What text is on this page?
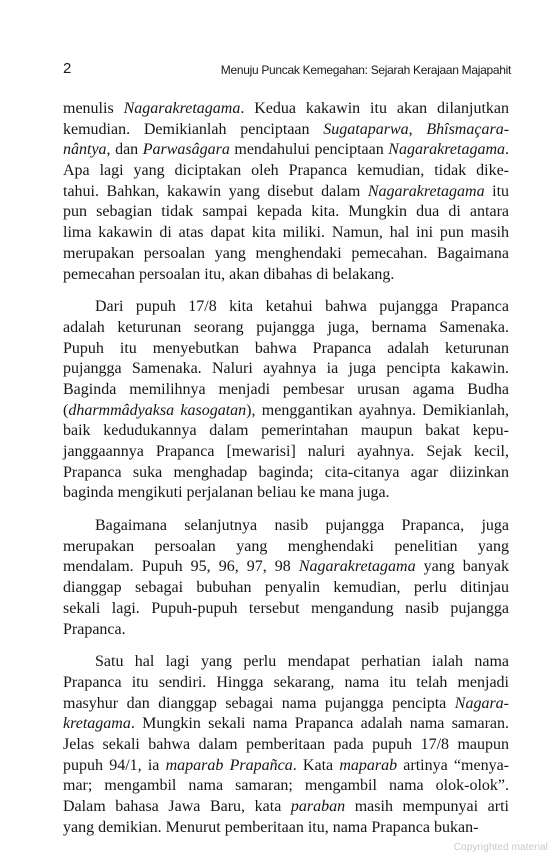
2	Menuju Puncak Kemegahan: Sejarah Kerajaan Majapahit
menulis Nagarakretagama. Kedua kakawin itu akan dilanjutkan
kemudian. Demikianlah penciptaan Sugataparwa, Bhîsmaçara-
nântya, dan Parwasâgara mendahului penciptaan Nagarakretagama.
Apa lagi yang diciptakan oleh Prapanca kemudian, tidak dike-
tahui. Bahkan, kakawin yang disebut dalam Nagarakretagama itu
pun sebagian tidak sampai kepada kita. Mungkin dua di antara
lima kakawin di atas dapat kita miliki. Namun, hal ini pun masih
merupakan persoalan yang menghendaki pemecahan. Bagaimana
pemecahan persoalan itu, akan dibahas di belakang.
Dari pupuh 17/8 kita ketahui bahwa pujangga Prapanca
adalah keturunan seorang pujangga juga, bernama Samenaka.
Pupuh itu menyebutkan bahwa Prapanca adalah keturunan
pujangga Samenaka. Naluri ayahnya ia juga pencipta kakawin.
Baginda memilihnya menjadi pembesar urusan agama Budha
(dharmmâdyaksa kasogatan), menggantikan ayahnya. Demikianlah,
baik kedudukannya dalam pemerintahan maupun bakat kepu-
janggaannya Prapanca [mewarisi] naluri ayahnya. Sejak kecil,
Prapanca suka menghadap baginda; cita-citanya agar diizinkan
baginda mengikuti perjalanan beliau ke mana juga.
Bagaimana selanjutnya nasib pujangga Prapanca, juga
merupakan persoalan yang menghendaki penelitian yang
mendalam. Pupuh 95, 96, 97, 98 Nagarakretagama yang banyak
dianggap sebagai bubuhan penyalin kemudian, perlu ditinjau
sekali lagi. Pupuh-pupuh tersebut mengandung nasib pujangga
Prapanca.
Satu hal lagi yang perlu mendapat perhatian ialah nama
Prapanca itu sendiri. Hingga sekarang, nama itu telah menjadi
masyhur dan dianggap sebagai nama pujangga pencipta Nagara-
kretagama. Mungkin sekali nama Prapanca adalah nama samaran.
Jelas sekali bahwa dalam pemberitaan pada pupuh 17/8 maupun
pupuh 94/1, ia maparab Prapañca. Kata maparab artinya “menya-
mar; mengambil nama samaran; mengambil nama olok-olok”.
Dalam bahasa Jawa Baru, kata paraban masih mempunyai arti
yang demikian. Menurut pemberitaan itu, nama Prapanca bukan-
Copyrighted material
